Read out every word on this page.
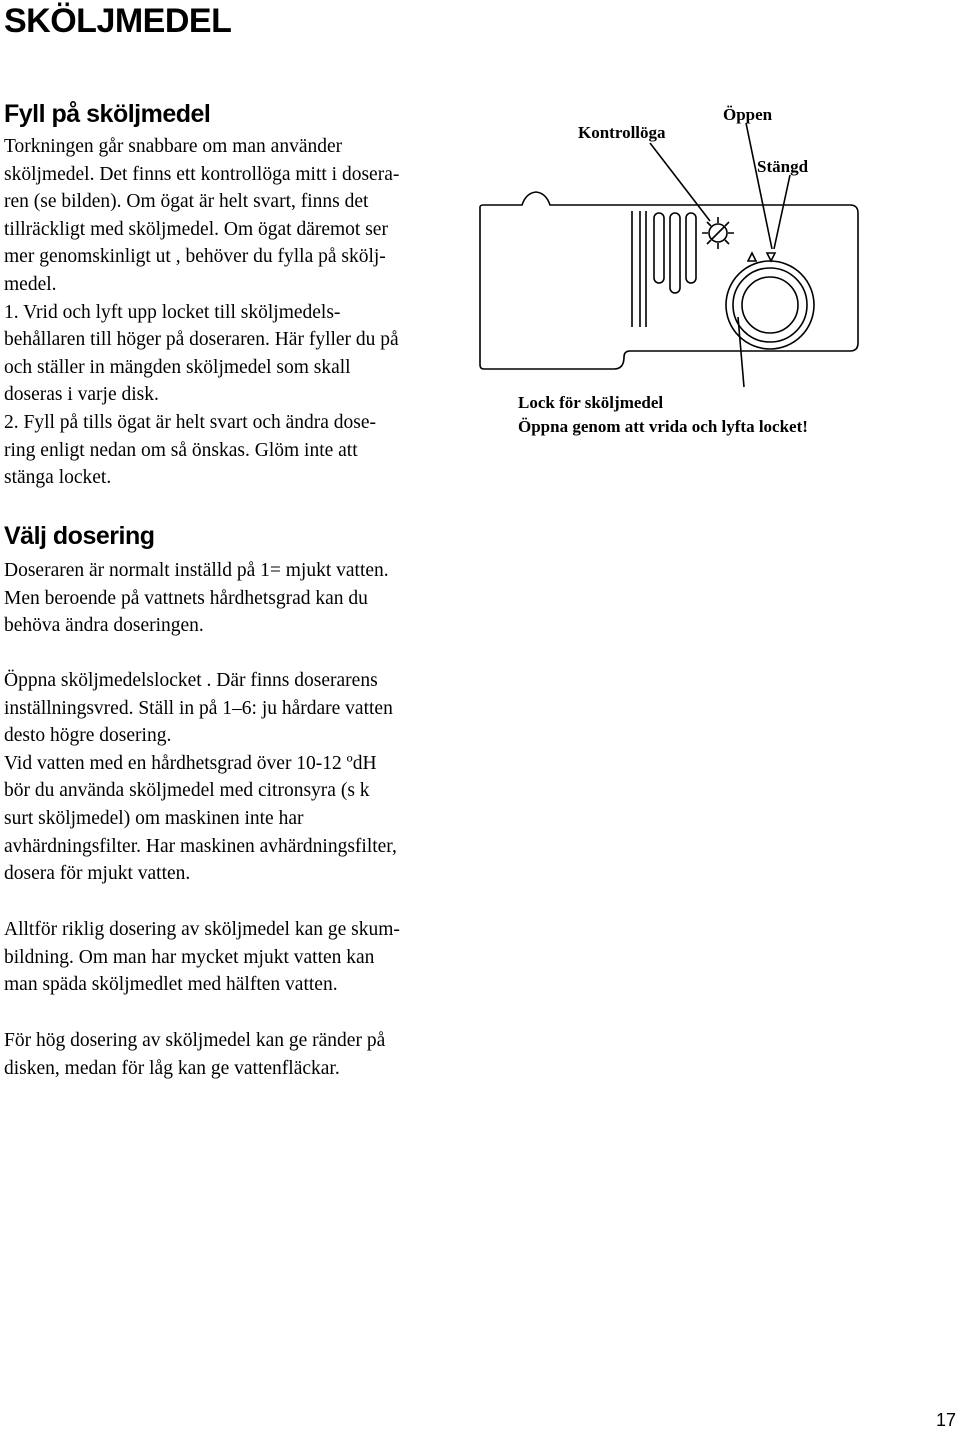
SKÖLJMEDEL
Fyll på sköljmedel

Torkningen går snabbare om man använder
sköljmedel. Det finns ett kontrollöga mitt i dosera-
ren (se bilden). Om ögat är helt svart, finns det
tillräckligt med sköljmedel. Om ögat däremot ser
mer genomskinligt ut , behöver du fylla på skölj-
medel.
1. Vrid och lyft upp locket till sköljmedels-
behållaren till höger på doseraren. Här fyller du på
och ställer in mängden sköljmedel som skall
doseras i varje disk.
2. Fyll på tills ögat är helt svart och ändra dose-
ring enligt nedan om så önskas. Glöm inte att
stänga locket.

Kontrollöga
Öppen
Stängd
Lock för sköljmedel
Öppna genom att vrida och lyfta locket!
Välj dosering

Doseraren är normalt inställd på 1= mjukt vatten.
Men beroende på vattnets hårdhetsgrad kan du
behöva ändra doseringen.

Öppna sköljmedelslocket . Där finns doserarens
inställningsvred. Ställ in på 1–6: ju hårdare vatten
desto högre dosering.
Vid vatten med en hårdhetsgrad över 10-12 ºdH
bör du använda sköljmedel med citronsyra (s k
surt sköljmedel) om maskinen inte har
avhärdningsfilter. Har maskinen avhärdningsfilter,
dosera för mjukt vatten.

Alltför riklig dosering av sköljmedel kan ge skum-
bildning. Om man har mycket mjukt vatten kan
man späda sköljmedlet med hälften vatten.

För hög dosering av sköljmedel kan ge ränder på
disken, medan för låg kan ge vattenfläckar.

17
